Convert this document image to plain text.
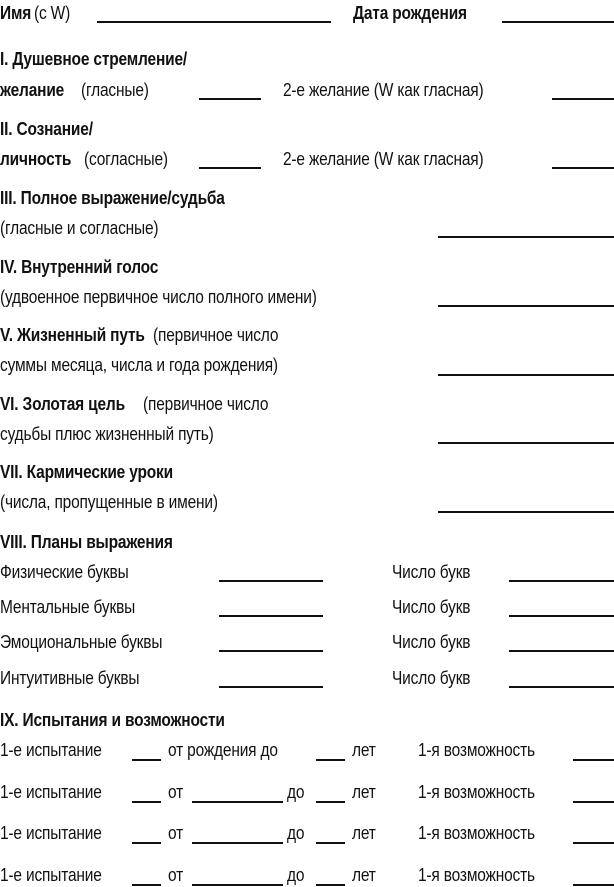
Имя (с W)	Дата рождения
I. Душевное стремление/
желание (гласные)	2-е желание (W как гласная)
II. Сознание/
личность (согласные)	2-е желание (W как гласная)
III. Полное выражение/судьба
(гласные и согласные)
IV. Внутренний голос
(удвоенное первичное число полного имени)
V. Жизненный путь (первичное число
суммы месяца, числа и года рождения)
VI. Золотая цель (первичное число
судьбы плюс жизненный путь)
VII. Кармические уроки
(числа, пропущенные в имени)
VIII. Планы выражения
Физические буквы	Число букв
Ментальные буквы	Число букв
Эмоциональные буквы	Число букв
Интуитивные буквы	Число букв
IX. Испытания и возможности
1-е испытание	от рождения до	лет 1-я возможность
1-е испытание	от	до	лет 1-я возможность
1-е испытание	от	до	лет 1-я возможность
1-е испытание	от	до	лет 1-я возможность
